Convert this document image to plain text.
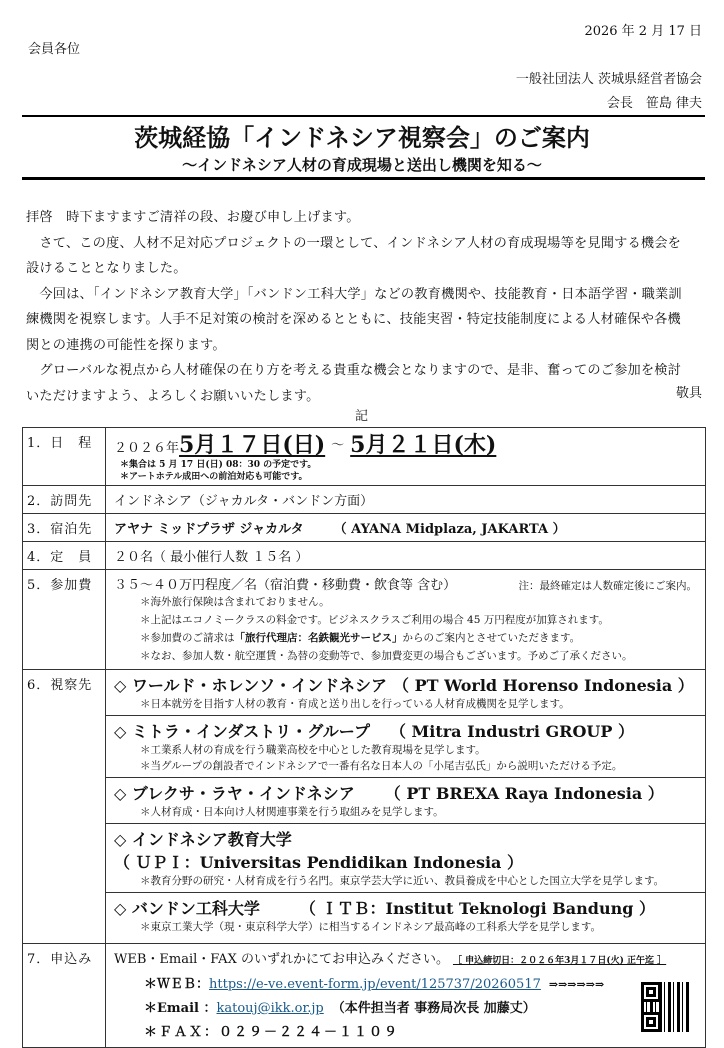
2026 年 2 月 17 日
会員各位
一般社団法人 茨城県経営者協会
会長　笹島 律夫
茨城経協「インドネシア視察会」のご案内
～インドネシア人材の育成現場と送出し機関を知る～
拝啓　時下ますますご清祥の段、お慶び申し上げます。
　さて、この度、人材不足対応プロジェクトの一環として、インドネシア人材の育成現場等を見聞する機会を
設けることとなりました。
　今回は、「インドネシア教育大学」「バンドン工科大学」などの教育機関や、技能教育・日本語学習・職業訓
練機関を視察します。人手不足対策の検討を深めるとともに、技能実習・特定技能制度による人材確保や各機
関との連携の可能性を探ります。
　グローバルな視点から人材確保の在り方を考える貴重な機会となりますので、是非、奮ってのご参加を検討
いただけますよう、よろしくお願いいたします。	敬具
記
1．日　程	２０２６年5月１７日(日) ～ 5月２１日(木)
＊集合は 5 月 17 日(日) 08：30 の予定です。
＊アートホテル成田への前泊対応も可能です。
2．訪問先	インドネシア（ジャカルタ・バンドン方面）
3．宿泊先	アヤナ ミッドプラザ ジャカルタ （ AYANA Midplaza, JAKARTA ）
4．定　員	２０名（ 最小催行人数 １５名 ）
5．参加費	３５～４０万円程度／名（宿泊費・移動費・飲食等 含む）	注：最終確定は人数確定後にご案内。
＊海外旅行保険は含まれておりません。
＊上記はエコノミークラスの料金です。ビジネスクラスご利用の場合 45 万円程度が加算されます。
＊参加費のご請求は「旅行代理店：名鉄観光サービス」からのご案内とさせていただきます。
＊なお、参加人数・航空運賃・為替の変動等で、参加費変更の場合もございます。予めご了承ください。
6．視察先	◇ ワールド・ホレンソ・インドネシア （ PT World Horenso Indonesia ）
＊日本就労を目指す人材の教育・育成と送り出しを行っている人材育成機関を見学します。
◇ ミトラ・インダストリ・グループ （ Mitra Industri GROUP ）
＊工業系人材の育成を行う職業高校を中心とした教育現場を見学します。
＊当グループの創設者でインドネシアで一番有名な日本人の「小尾吉弘氏」から説明いただける予定。
◇ ブレクサ・ラヤ・インドネシア （ PT BREXA Raya Indonesia ）
＊人材育成・日本向け人材関連事業を行う取組みを見学します。
◇ インドネシア教育大学
（ ＵＰＩ：Universitas Pendidikan Indonesia ）
＊教育分野の研究・人材育成を行う名門。東京学芸大学に近い、教員養成を中心とした国立大学を見学します。
◇ バンドン工科大学	（ ＩＴＢ：Institut Teknologi Bandung ）
＊東京工業大学（現・東京科学大学）に相当するインドネシア最高峰の工科系大学を見学します。
7．申込み	WEB・Email・FAX のいずれかにてお申込みください。 ［ 申込締切日：２０２６年3月１７日(火) 正午迄 ］
＊ＷＥＢ：https://e-ve.event-form.jp/event/125737/20260517 ⇒⇒⇒⇒⇒⇒
＊Email ：katouj@ikk.or.jp （本件担当者 事務局次長 加藤丈）
＊ＦＡＸ：０２９－２２４－１１０９
